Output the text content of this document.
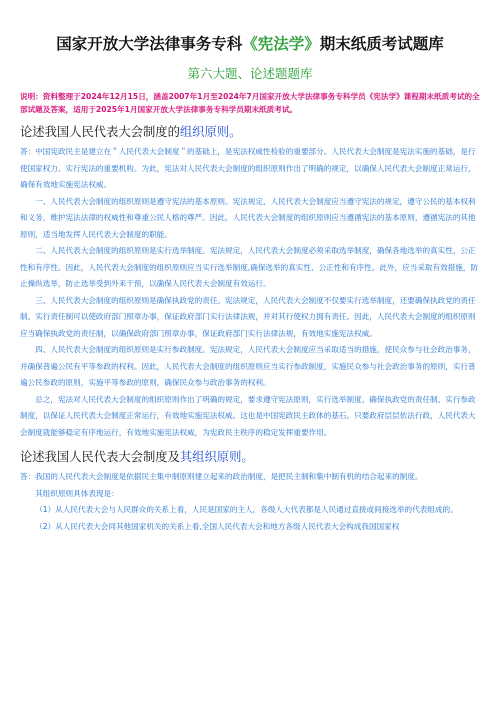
国家开放大学法律事务专科《宪法学》期末纸质考试题库
第六大题、论述题题库
说明：资料整理于2024年12月15日，涵盖2007年1月至2024年7月国家开放大学法律事务专科学员《宪法学》课程期末纸质考试的全部试题及答案，适用于2025年1月国家开放大学法律事务专科学员期末纸质考试。
论述我国人民代表大会制度的组织原则。

答：中国宪政民主是建立在＂人民代表大会制度＂的基础上，是宪法权威性检验的重要部分。人民代表大会制度是宪法实施的基础，是行使国家权力、实行宪法的重要机构。为此，宪法对人民代表大会制度的组织原则作出了明确的规定，以确保人民代表大会制度正常运行，确保有效地实施宪法权威。

一、人民代表大会制度的组织原则是遵守宪法的基本原则。宪法规定，人民代表大会制度应当遵守宪法的规定，遵守公民的基本权利和义务，维护宪法法律的权威性和尊重公民人格的尊严。因此，人民代表大会制度的组织原则应当遵循宪法的基本原则，遵循宪法的其他原则，适当地发挥人民代表大会制度的职能。

二、人民代表大会制度的组织原则是实行选举制度。宪法规定，人民代表大会制度必须采取选举制度，确保各地选举的真实性、公正性和有序性。因此，人民代表大会制度的组织原则应当实行选举制度,确保选举的真实性、公正性和有序性。此外，应当采取有效措施，防止操纵选举，防止选举受到外来干预，以确保人民代表大会制度有效运行。

三、人民代表大会制度的组织原则是确保执政党的责任。宪法规定，人民代表大会制度不仅要实行选举制度，还要确保执政党的责任制。实行责任制可以使政府部门照章办事，保证政府部门实行法律法规，并对其行使权力拥有责任。因此，人民代表大会制度的组织原则应当确保执政党的责任制，以确保政府部门照章办事，保证政府部门实行法律法规，有效地实施宪法权威。

四、人民代表大会制度的组织原则是实行参政制度。宪法规定，人民代表大会制度应当采取适当的措施，使民众参与社会政治事务，并确保普遍公民有平等参政的权利。因此，人民代表大会制度的组织原则应当实行参政制度，实施民众参与社会政治事务的原则，实行普遍公民参政的原则，实施平等参政的原则，确保民众参与政治事务的权利。

总之，宪法对人民代表大会制度的组织原则作出了明确的规定，要求遵守宪法原则，实行选举制度、确保执政党的责任制、实行参政制度，以保证人民代表大会制度正常运行，有效地实施宪法权威。这也是中国宪政民主政体的基石。只要政府层层依法行政，人民代表大会制度就能够稳定有序地运行，有效地实施宪法权威，为宪政民主秩序的稳定发挥重要作用。

论述我国人民代表大会制度及其组织原则。

答：我国的人民代表大会制度是依据民主集中制原则建立起来的政治制度，是把民主制和集中制有机的结合起来的制度。

其组织原则具体表现是：

（1）从人民代表大会与人民群众的关系上看，人民是国家的主人，各级人大代表都是人民通过直接或间接选举的代表组成的。

（2）从人民代表大会同其他国家机关的关系上看,全国人民代表大会和地方各级人民代表大会构成我国国家权
